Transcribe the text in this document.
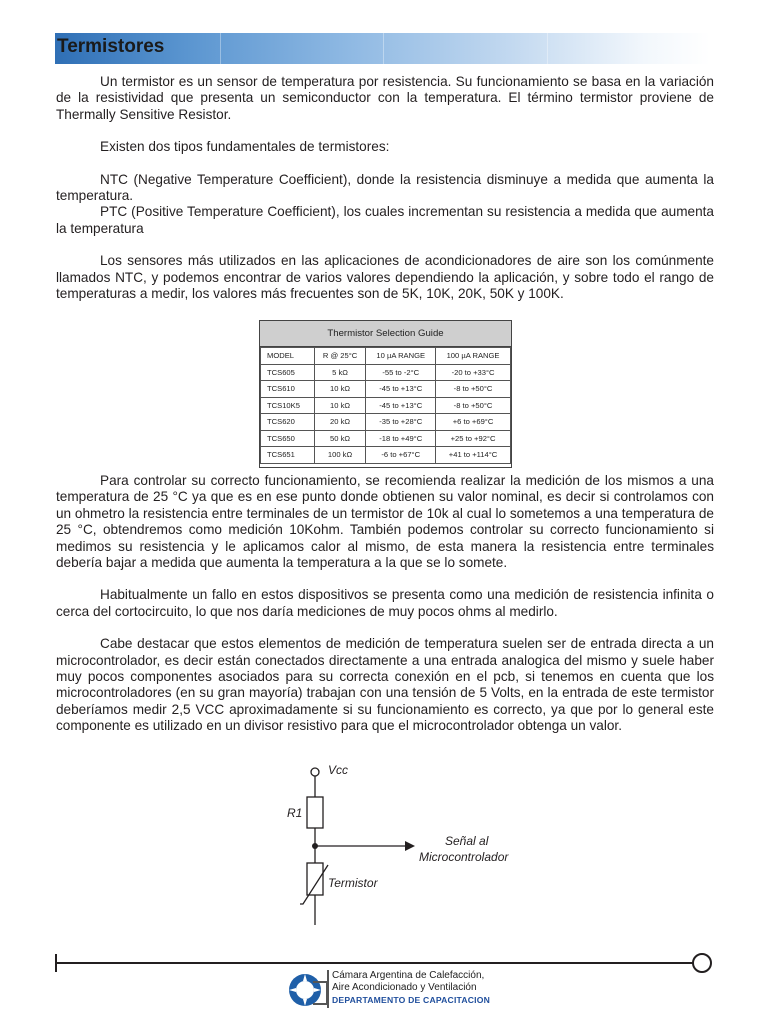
Termistores

Un termistor es un sensor de temperatura por resistencia. Su funcionamiento se basa en la variación de la resistividad que presenta un semiconductor con la temperatura. El término termistor proviene de Thermally Sensitive Resistor.

Existen dos tipos fundamentales de termistores:

NTC (Negative Temperature Coefficient), donde la resistencia disminuye a medida que aumenta la temperatura.

PTC (Positive Temperature Coefficient), los cuales incrementan su resistencia a medida que aumenta la temperatura

Los sensores más utilizados en las aplicaciones de acondicionadores de aire son los comúnmente llamados NTC, y podemos encontrar de varios valores dependiendo la aplicación, y sobre todo el rango de temperaturas a medir, los valores más frecuentes son de 5K, 10K, 20K, 50K y 100K.

Thermistor Selection Guide
MODEL	R @ 25°C	10 µA RANGE	100 µA RANGE
TCS605	5 kΩ	-55 to -2°C	-20 to +33°C
TCS610	10 kΩ	-45 to +13°C	-8 to +50°C
TCS10K5	10 kΩ	-45 to +13°C	-8 to +50°C
TCS620	20 kΩ	-35 to +28°C	+6 to +69°C
TCS650	50 kΩ	-18 to +49°C	+25 to +92°C
TCS651	100 kΩ	-6 to +67°C	+41 to +114°C

Para controlar su correcto funcionamiento, se recomienda realizar la medición de los mismos a una temperatura de 25 °C ya que es en ese punto donde obtienen su valor nominal, es decir si controlamos con un ohmetro la resistencia entre terminales de un termistor de 10k al cual lo sometemos a una temperatura de 25 °C, obtendremos como medición 10Kohm. También podemos controlar su correcto funcionamiento si medimos su resistencia y le aplicamos calor al mismo, de esta manera la resistencia entre terminales debería bajar a medida que aumenta la temperatura a la que se lo somete.

Habitualmente un fallo en estos dispositivos se presenta como una medición de resistencia infinita o cerca del cortocircuito, lo que nos daría mediciones de muy pocos ohms al medirlo.

Cabe destacar que estos elementos de medición de temperatura suelen ser de entrada directa a un microcontrolador, es decir están conectados directamente a una entrada analogica del mismo y suele haber muy pocos componentes asociados para su correcta conexión en el pcb, si tenemos en cuenta que los microcontroladores (en su gran mayoría) trabajan con una tensión de 5 Volts, en la entrada de este termistor deberíamos medir 2,5 VCC aproximadamente si su funcionamiento es correcto, ya que por lo general este componente es utilizado en un divisor resistivo para que el microcontrolador obtenga un valor.

Vcc
R1
Señal al
Microcontrolador
Termistor
Cámara Argentina de Calefacción,
Aire Acondicionado y Ventilación
DEPARTAMENTO DE CAPACITACION
